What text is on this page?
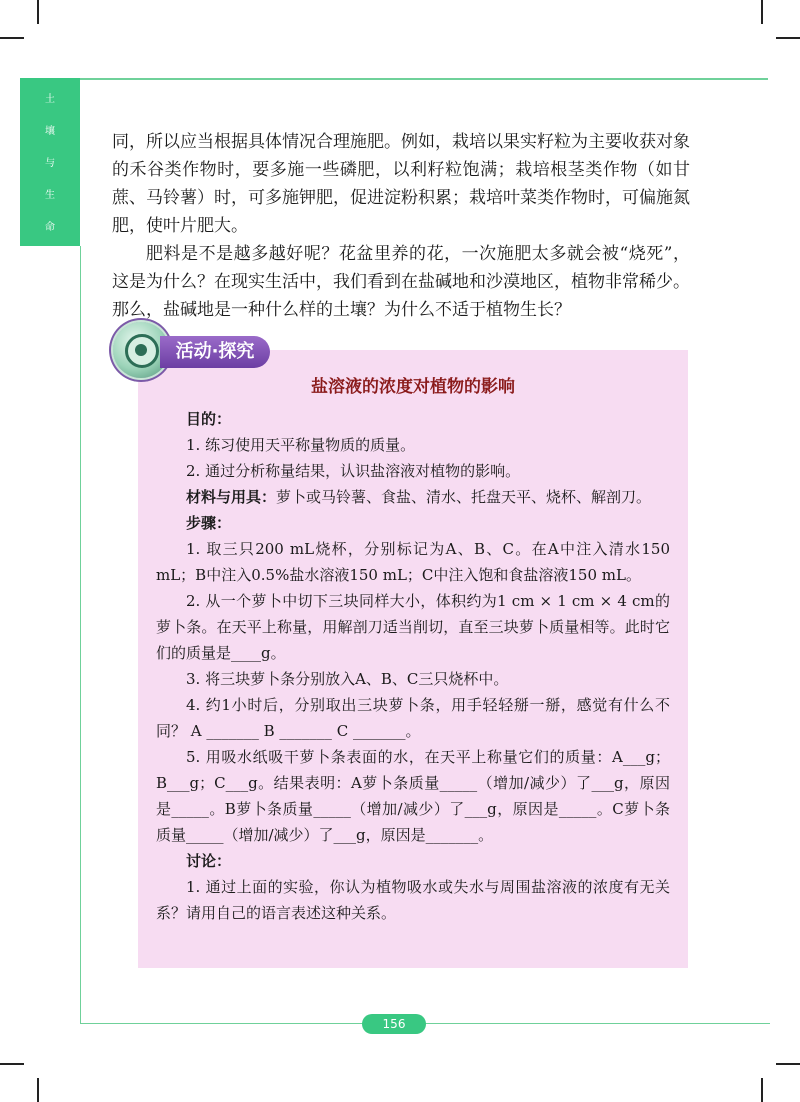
土
壤
与
生
命
同，所以应当根据具体情况合理施肥。例如，栽培以果实籽粒为主要收获对象的禾谷类作物时，要多施一些磷肥，以利籽粒饱满；栽培根茎类作物（如甘蔗、马铃薯）时，可多施钾肥，促进淀粉积累；栽培叶菜类作物时，可偏施氮肥，使叶片肥大。
肥料是不是越多越好呢？花盆里养的花，一次施肥太多就会被“烧死”，这是为什么？在现实生活中，我们看到在盐碱地和沙漠地区，植物非常稀少。那么，盐碱地是一种什么样的土壤？为什么不适于植物生长？
活动·探究
盐溶液的浓度对植物的影响
目的：
1. 练习使用天平称量物质的质量。
2. 通过分析称量结果，认识盐溶液对植物的影响。
材料与用具：萝卜或马铃薯、食盐、清水、托盘天平、烧杯、解剖刀。
步骤：
1. 取三只200 mL烧杯，分别标记为A、B、C。在A中注入清水150 mL；B中注入0.5%盐水溶液150 mL；C中注入饱和食盐溶液150 mL。
2. 从一个萝卜中切下三块同样大小，体积约为1 cm × 1 cm × 4 cm的萝卜条。在天平上称量，用解剖刀适当削切，直至三块萝卜质量相等。此时它们的质量是____g。
3. 将三块萝卜条分别放入A、B、C三只烧杯中。
4. 约1小时后，分别取出三块萝卜条，用手轻轻掰一掰，感觉有什么不同？ A _______ B _______ C _______。
5. 用吸水纸吸干萝卜条表面的水，在天平上称量它们的质量：A___g；B___g；C___g。结果表明：A萝卜条质量_____（增加/减少）了___g，原因是_____。B萝卜条质量_____（增加/减少）了___g，原因是_____。C萝卜条质量_____（增加/减少）了___g，原因是_______。
讨论：
1. 通过上面的实验，你认为植物吸水或失水与周围盐溶液的浓度有无关系？请用自己的语言表述这种关系。
156
